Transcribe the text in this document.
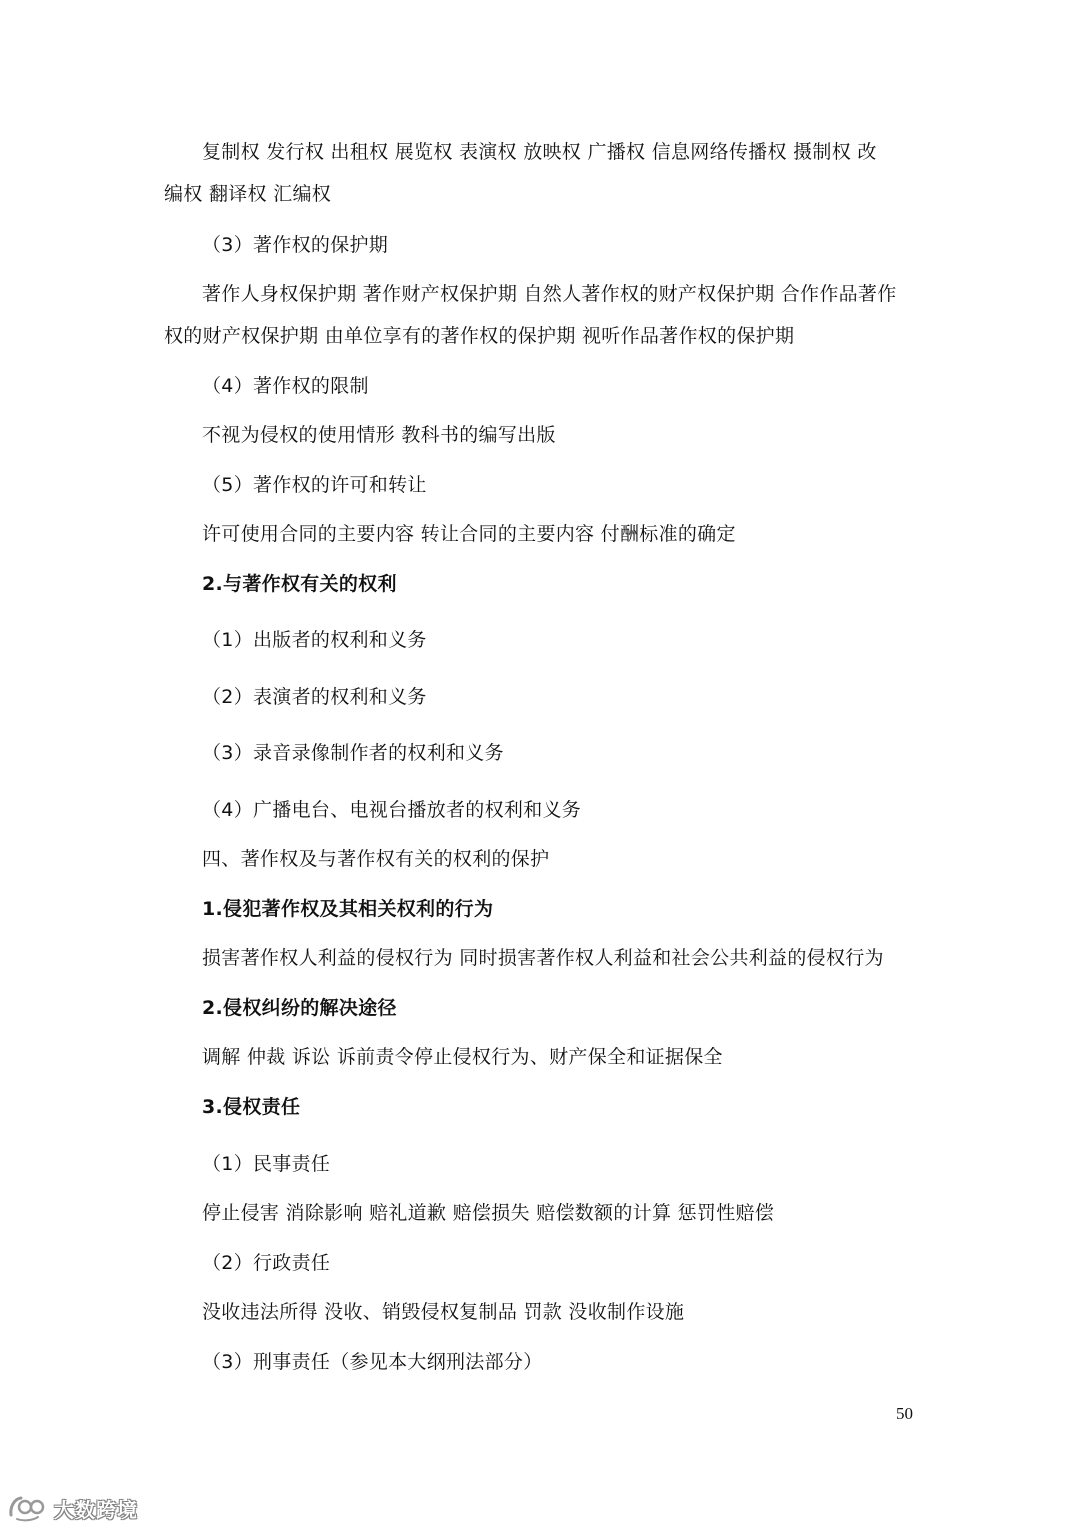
复制权 发行权 出租权 展览权 表演权 放映权 广播权 信息网络传播权 摄制权 改
编权 翻译权 汇编权
（3）著作权的保护期
著作人身权保护期 著作财产权保护期 自然人著作权的财产权保护期 合作作品著作
权的财产权保护期 由单位享有的著作权的保护期 视听作品著作权的保护期
（4）著作权的限制
不视为侵权的使用情形 教科书的编写出版
（5）著作权的许可和转让
许可使用合同的主要内容 转让合同的主要内容 付酬标准的确定
2.与著作权有关的权利
（1）出版者的权利和义务
（2）表演者的权利和义务
（3）录音录像制作者的权利和义务
（4）广播电台、电视台播放者的权利和义务
四、著作权及与著作权有关的权利的保护
1.侵犯著作权及其相关权利的行为
损害著作权人利益的侵权行为 同时损害著作权人利益和社会公共利益的侵权行为
2.侵权纠纷的解决途径
调解 仲裁 诉讼 诉前责令停止侵权行为、财产保全和证据保全
3.侵权责任
（1）民事责任
停止侵害 消除影响 赔礼道歉 赔偿损失 赔偿数额的计算 惩罚性赔偿
（2）行政责任
没收违法所得 没收、销毁侵权复制品 罚款 没收制作设施
（3）刑事责任（参见本大纲刑法部分）
50
大数跨境
